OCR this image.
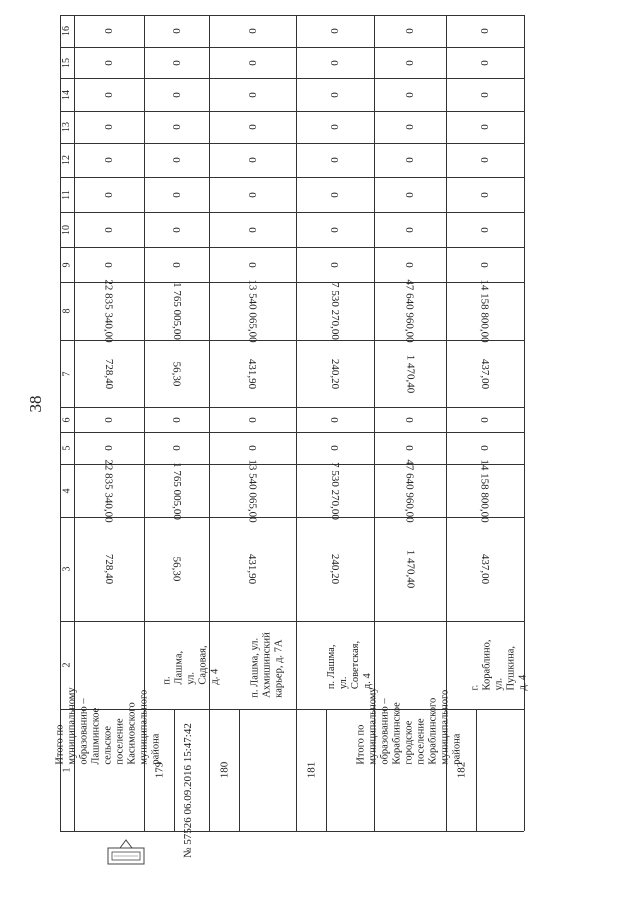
38
1
2
3
4
5
6
7
8
9
10
11
12
13
14
15
16	0
0
0
0
0
0
0
0
22 835 340,00
728,40
0
0
22 835 340,00
728,40
Итого по муниципальному образованию – Лашминское сельское поселение Касимовского муниципального района
0
0
0
0
0
0
0
0
1 765 005,00
56,30
0
0
1 765 005,00
56,30
п. Лашма, ул. Садовая, д. 4
179
0
0
0
0
0
0
0
0
13 540 065,00
431,90
0
0
13 540 065,00
431,90
п. Лашма, ул. Ахмишинский карьер, д. 7А
180
0
0
0
0
0
0
0
0
7 530 270,00
240,20
0
0
7 530 270,00
240,20
п. Лашма, ул. Советская, д. 4
181
0
0
0
0
0
0
0
0
47 640 960,00
1 470,40
0
0
47 640 960,00
1 470,40
Итого по муниципальному образованию – Кораблинское городское поселение Кораблинского муниципального района
0
0
0
0
0
0
0
0
14 158 800,00
437,00
0
0
14 158 800,00
437,00
г. Кораблино, ул. Пушкина, д. 4
182
№ 57526 06.09.2016 15:47:42
